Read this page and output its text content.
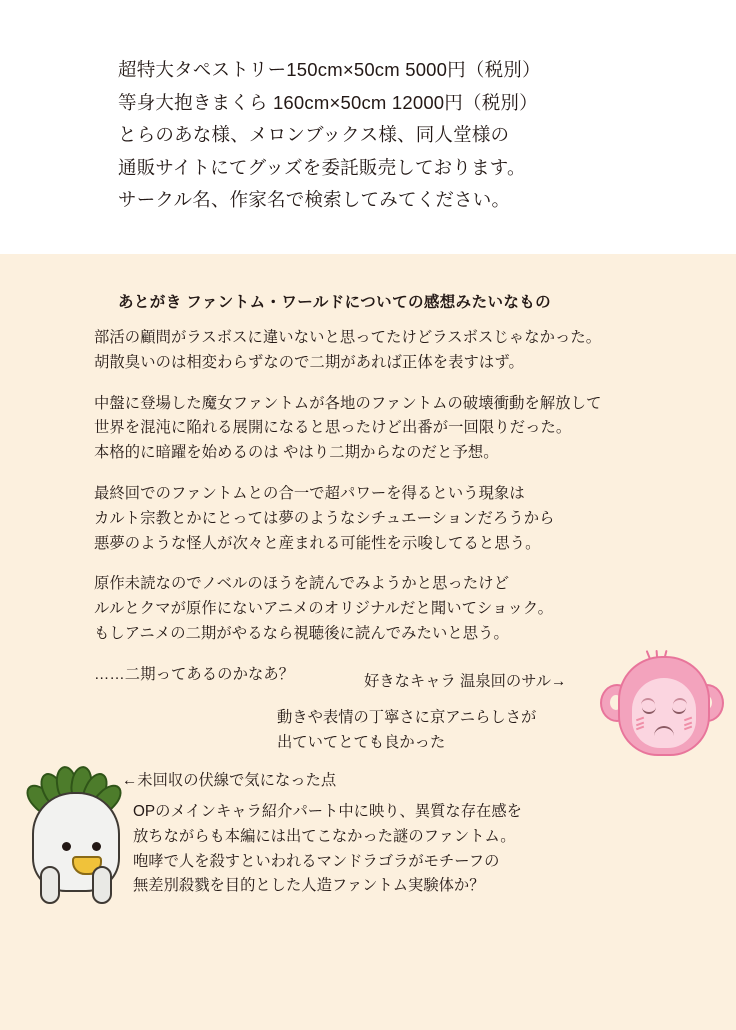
超特大タペストリー150cm×50cm 5000円（税別）
等身大抱きまくら 160cm×50cm 12000円（税別）
とらのあな様、メロンブックス様、同人堂様の
通販サイトにてグッズを委託販売しております。
サークル名、作家名で検索してみてください。
あとがき ファントム・ワールドについての感想みたいなもの
部活の顧問がラスボスに違いないと思ってたけどラスボスじゃなかった。
胡散臭いのは相変わらずなので二期があれば正体を表すはず。
中盤に登場した魔女ファントムが各地のファントムの破壊衝動を解放して
世界を混沌に陥れる展開になると思ったけど出番が一回限りだった。
本格的に暗躍を始めるのは やはり二期からなのだと予想。
最終回でのファントムとの合一で超パワーを得るという現象は
カルト宗教とかにとっては夢のようなシチュエーションだろうから
悪夢のような怪人が次々と産まれる可能性を示唆してると思う。
原作未読なのでノベルのほうを読んでみようかと思ったけど
ルルとクマが原作にないアニメのオリジナルだと聞いてショック。
もしアニメの二期がやるなら視聴後に読んでみたいと思う。
……二期ってあるのかなあ？	好きなキャラ 温泉回のサル→
動きや表情の丁寧さに京アニらしさが
出ていてとても良かった
←未回収の伏線で気になった点
OPのメインキャラ紹介パート中に映り、異質な存在感を
放ちながらも本編には出てこなかった謎のファントム。
咆哮で人を殺すといわれるマンドラゴラがモチーフの
無差別殺戮を目的とした人造ファントム実験体か？
